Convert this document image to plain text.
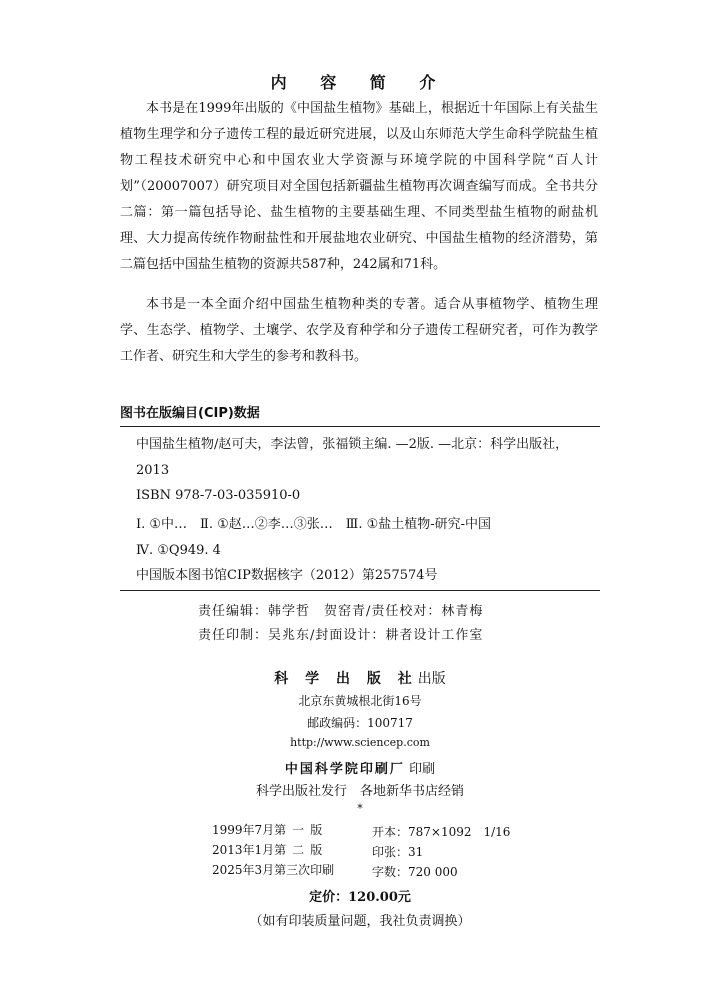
内 容 简 介

本书是在1999年出版的《中国盐生植物》基础上，根据近十年国际上有关盐生植物生理学和分子遗传工程的最近研究进展，以及山东师范大学生命科学院盐生植物工程技术研究中心和中国农业大学资源与环境学院的中国科学院“百人计划”（20007007）研究项目对全国包括新疆盐生植物再次调查编写而成。全书共分二篇：第一篇包括导论、盐生植物的主要基础生理、不同类型盐生植物的耐盐机理、大力提高传统作物耐盐性和开展盐地农业研究、中国盐生植物的经济潜势，第二篇包括中国盐生植物的资源共587种，242属和71科。

本书是一本全面介绍中国盐生植物种类的专著。适合从事植物学、植物生理学、生态学、植物学、土壤学、农学及育种学和分子遗传工程研究者，可作为教学工作者、研究生和大学生的参考和教科书。

图书在版编目(CIP)数据

中国盐生植物/赵可夫，李法曾，张福锁主编. —2版. —北京：科学出版社，2013

ISBN 978-7-03-035910-0

Ⅰ. ①中…　Ⅱ. ①赵…②李…③张…　Ⅲ. ①盐土植物-研究-中国

Ⅳ. ①Q949. 4

中国版本图书馆CIP数据核字（2012）第257574号

责任编辑：韩学哲　贺窑青/责任校对：林青梅
责任印制：吴兆东/封面设计：耕者设计工作室
科 学 出 版 社出版
北京东黄城根北街16号
邮政编码：100717
http://www.sciencep.com
中国科学院印刷厂 印刷
科学出版社发行　各地新华书店经销
*
1999年7月第 一 版
2013年1月第 二 版
2025年3月第三次印刷
开本：787×1092　1/16
印张：31
字数：720 000
定价：120.00元
（如有印装质量问题，我社负责调换）
